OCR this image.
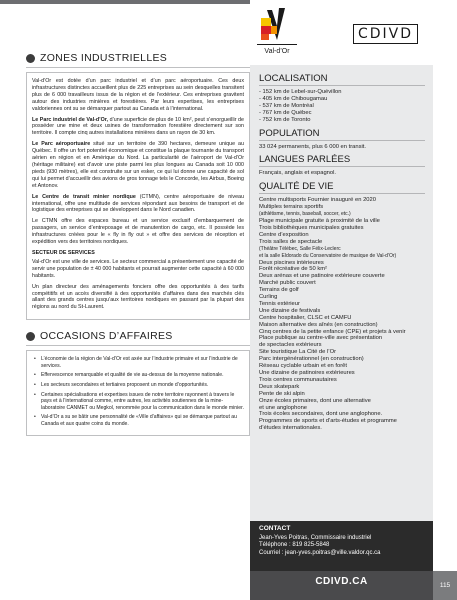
ZONES INDUSTRIELLES

Val-d’Or est dotée d’un parc industriel et d’un parc aéroportuaire. Ces deux infrastructures distinctes accueillent plus de 225 entreprises au sein desquelles transitent plus de 6 000 travailleurs issus de la région et de l’extérieur. Ces entreprises gravitent autour des industries minières et forestières. Par leurs expertises, les entreprises valdoriennes ont su se démarquer partout au Canada et à l’international.

Le Parc industriel de Val-d’Or, d’une superficie de plus de 10 km², peut s’enorgueillir de posséder une mine et deux usines de transformation forestière directement sur son territoire. Il compte cinq autres installations minières dans un rayon de 30 km.

Le Parc aéroportuaire situé sur un territoire de 390 hectares, demeure unique au Québec. Il offre un fort potentiel économique et constitue la plaque tournante du transport aérien en région et en Amérique du Nord. La particularité de l’aéroport de Val-d’Or (héritage militaire) est d’avoir une piste parmi les plus longues au Canada soit 10 000 pieds (930 mètres), elle est construite sur un esker, ce qui lui donne une capacité de sol qui lui permet d’accueillir des avions de gros tonnage tels le Concorde, les Airbus, Boeing et Antonov.

Le Centre de transit minier nordique (CTMN), centre aéroportuaire de niveau international, offre une multitude de services répondant aux besoins de transport et de logistique des entreprises qui se développent dans le Nord canadien.

Le CTMN offre des espaces bureau et un service exclusif d’embarquement de passagers, un service d’entreposage et de manutention de cargo, etc. Il possède les infrastructures créées pour le « fly in fly out » et offre des services de réception et expédition vers des territoires nordiques.

SECTEUR DE SERVICES

Val-d’Or est une ville de services. Le secteur commercial a présentement une capacité de servir une population de ± 40 000 habitants et pourrait augmenter cette capacité à 60 000 habitants.

Un plan directeur des aménagements fonciers offre des opportunités à des tarifs compétitifs et un accès diversifié à des opportunités d’affaires dans des marchés clés allant des grands centres jusqu’aux territoires nordiques en passant par la plupart des régions au nord du St-Laurent.

OCCASIONS D’AFFAIRES

• L’économie de la région de Val-d’Or est axée sur l’industrie primaire et sur l’industrie de services.

• Effervescence remarquable et qualité de vie au-dessus de la moyenne nationale.

• Les secteurs secondaires et tertiaires proposent un monde d’opportunités.

• Certaines spécialisations et expertises issues de notre territoire rayonnent à travers le pays et à l’international comme, entre autres, les activités soutiennes de la mine-laboratoire CANMET ou Megkol, renommée pour la communication dans le monde minier.

• Val-d’Or a su se bâtir une personnalité de «Ville d’affaires» qui se démarque partout au Canada et aux quatre coins du monde.

Val-d’Or
CDIVD
LOCALISATION
- 152 km de Lebel-sur-Quévillon
- 405 km de Chibougamau
- 537 km de Montréal
- 767 km de Québec
- 752 km de Toronto
POPULATION
33 024 permanents, plus 6 000 en transit.
LANGUES PARLÉES
Français, anglais et espagnol.
QUALITÉ DE VIE
Centre multisports Fournier inauguré en 2020
Multiples terrains sportifs
(athlétisme, tennis, baseball, soccer, etc.)
Plage municipale gratuite à proximité de la ville
Trois bibliothèques municipales gratuites
Centre d’exposition
Trois salles de spectacle
(Théâtre Télébec, Salle Félix-Leclerc
et la salle Eldorado du Conservatoire de musique de Val-d’Or)
Deux piscines intérieures
Forêt récréative de 50 km²
Deux arénas et une patinoire extérieure couverte
Marché public couvert
Terrains de golf
Curling
Tennis extérieur
Une dizaine de festivals
Centre hospitalier, CLSC et CAMFU
Maison alternative des aînés (en construction)
Cinq centres de la petite enfance (CPE) et projets à venir
Place publique au centre-ville avec présentation
de spectacles extérieurs
Site touristique La Cité de l’Or
Parc intergénérationnel (en construction)
Réseau cyclable urbain et en forêt
Une dizaine de patinoires extérieures
Trois centres communautaires
Deux skatepark
Pente de ski alpin
Onze écoles primaires, dont une alternative
et une anglophone
Trois écoles secondaires, dont une anglophone.
Programmes de sports et d’arts-études et programme
d’études internationales.
CONTACT
Jean-Yves Poitras, Commissaire industriel
Téléphone : 819 825-5848
Courriel : jean-yves.poitras@ville.valdor.qc.ca
CDIVD.CA	115
